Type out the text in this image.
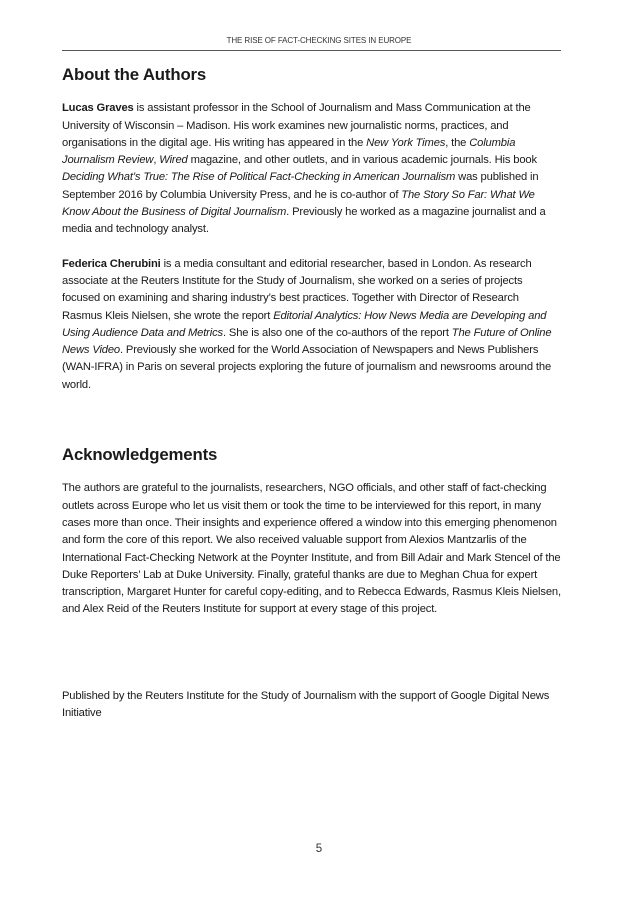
THE RISE OF FACT-CHECKING SITES IN EUROPE
About the Authors

Lucas Graves is assistant professor in the School of Journalism and Mass Communication at the University of Wisconsin – Madison. His work examines new journalistic norms, practices, and organisations in the digital age. His writing has appeared in the New York Times, the Columbia Journalism Review, Wired magazine, and other outlets, and in various academic journals. His book Deciding What’s True: The Rise of Political Fact-Checking in American Journalism was published in September 2016 by Columbia University Press, and he is co-author of The Story So Far: What We Know About the Business of Digital Journalism. Previously he worked as a magazine journalist and a media and technology analyst.

Federica Cherubini is a media consultant and editorial researcher, based in London. As research associate at the Reuters Institute for the Study of Journalism, she worked on a series of projects focused on examining and sharing industry’s best practices. Together with Director of Research Rasmus Kleis Nielsen, she wrote the report Editorial Analytics: How News Media are Developing and Using Audience Data and Metrics. She is also one of the co-authors of the report The Future of Online News Video. Previously she worked for the World Association of Newspapers and News Publishers (WAN-IFRA) in Paris on several projects exploring the future of journalism and newsrooms around the world.

Acknowledgements

The authors are grateful to the journalists, researchers, NGO officials, and other staff of fact-checking outlets across Europe who let us visit them or took the time to be interviewed for this report, in many cases more than once. Their insights and experience offered a window into this emerging phenomenon and form the core of this report. We also received valuable support from Alexios Mantzarlis of the International Fact-Checking Network at the Poynter Institute, and from Bill Adair and Mark Stencel of the Duke Reporters’ Lab at Duke University. Finally, grateful thanks are due to Meghan Chua for expert transcription, Margaret Hunter for careful copy-editing, and to Rebecca Edwards, Rasmus Kleis Nielsen, and Alex Reid of the Reuters Institute for support at every stage of this project.

Published by the Reuters Institute for the Study of Journalism with the support of Google Digital News Initiative

5
